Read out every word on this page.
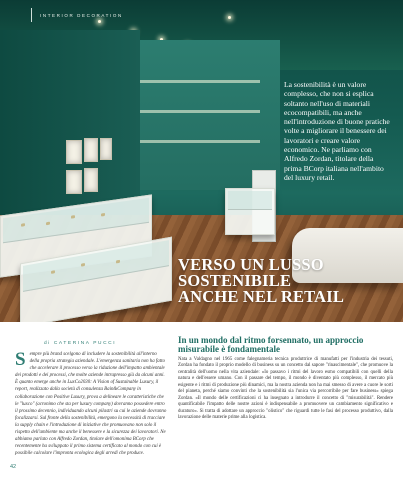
INTERIOR DECORATION
La sostenibilità è un valore complesso, che non si esplica soltanto nell'uso di materiali ecocompatibili, ma anche nell'introduzione di buone pratiche volte a migliorare il benessere dei lavoratori e creare valore economico. Ne parliamo con Alfredo Zordan, titolare della prima BCorp italiana nell'ambito del luxury retail.
VERSO UN LUSSO
SOSTENIBILE
ANCHE NEL RETAIL
di CATERINA PUCCI

Sempre più brand scelgono di includere la sostenibilità all'interno della propria strategia aziendale. L'emergenza sanitaria non ha fatto che accelerare il processo verso la riduzione dell'impatto ambientale dei prodotti e dei processi, che molte aziende intrapresso già da alcuni anni. È quanto emerge anche in LuxCo2030: A Vision of Sustainable Luxury, il report, realizzato dalla società di consulenza Bain&Company in collaborazione con Positive Luxury, prova a delineare le caratteristiche che le "luxco" (acronimo che sta per luxury company) dovranno possedere entro il prossimo decennio, individuando alcuni pilastri su cui le aziende dovranno focalizzarsi. Sul fronte della sostenibilità, emergono la necessità di tracciare la supply chain e l'introduzione di iniziative che promuovano non solo il rispetto dell'ambiente ma anche il benessere e la sicurezza dei lavoratori. Ne abbiamo parlato con Alfredo Zordan, titolare dell'omonima BCorp che recentemente ha sviluppato il primo sistema certificato al mondo con cui è possibile calcolare l'impronta ecologica degli arredi che produce.

In un mondo dal ritmo forsennato, un approccio misurabile è fondamentale

Nata a Valdagno nel 1965 come falegnameria tecnica produttrice di manufatti per l'industria dei tessuti, Zordan ha fondato il proprio modello di business su un concetto dal sapore "rinascimentale", che promuove la centralità dell'uomo nella vita aziendale: «Io passavo i ritmi del lavoro esmo compatibili con quelli della natura e dell'essere umano. Con il passare del tempo, il mondo è diventato più complesso, il mercato più esigente e i ritmi di produzione più dinamici, ma la nostra azienda non ha mai smesso di avere a cuore le sorti del pianeta, perché siamo convinti che la sostenibilità sia l'unica via percorribile per fare business» spiega Zordan. «Il mondo delle certificazioni ci ha insegnato a introdurre il concetto di "misurabilità". Rendere quantificabile l'impatto delle nostre azioni è indispensabile a promuovere un cambiamento significativo e duraturo». Si tratta di adottare un approccio "olistico" che riguardi tutte le fasi del processo produttivo, dalla lavorazione delle materie prime alla logistica.

42
